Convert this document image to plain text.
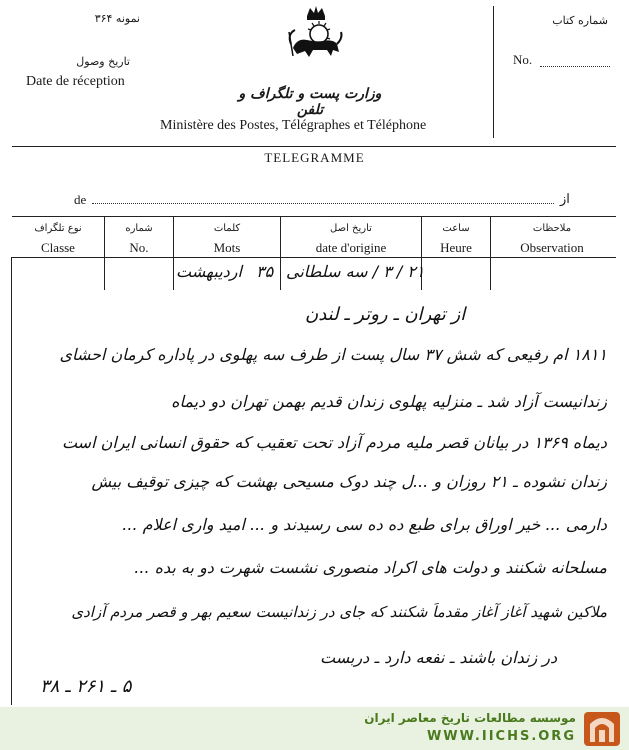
نمونه ۳۶۴
تاریخ وصول
Date de réception
وزارت پست و تلگراف و تلفن
Ministère des Postes, Télégraphes et Téléphone
شماره کتاب
No.
TELEGRAMME
de	از
نوع تلگراف
Classe
شماره
No.
کلمات
Mots
تاریخ اصل
date d'origine
ساعت
Heure
ملاحظات
Observation
اردیبهشت ۳۵ ۲۱ / ۳ / سه سلطانی
از تهران ـ روتر ـ لندن
۱۸۱۱ ام رفیعی که شش ۳۷ سال پست از طرف سه پهلوی در پاداره کرمان احشای
زندانیست آزاد شد ـ منزلیه پهلوی زندان قدیم بهمن تهران دو دیماه
دیماه ۱۳۶۹ در بیانان قصر ملیه مردم آزاد تحت تعقیب که حقوق انسانی ایران است
زندان نشوده ـ ۲۱ روزان و ...ل چند دوک مسیحی بهشت که چیزی توقیف بیش
دارمی ... خیر اوراق برای طبع ده ده سی رسیدند و ... امید واری اعلام ...
مسلحانه شکنند و دولت های اکراد منصوری نشست شهرت دو به بده ...
ملاکین شهید آغاز آغاز مقدماً شکنند که جای در زندانیست سعیم بهر و قصر مردم آزادی
در زندان باشند ـ نفعه دارد ـ دربست
۵ ـ ۲۶۱ ـ ۳۸
موسسه مطالعات تاریخ معاصر ایران
WWW.IICHS.ORG
